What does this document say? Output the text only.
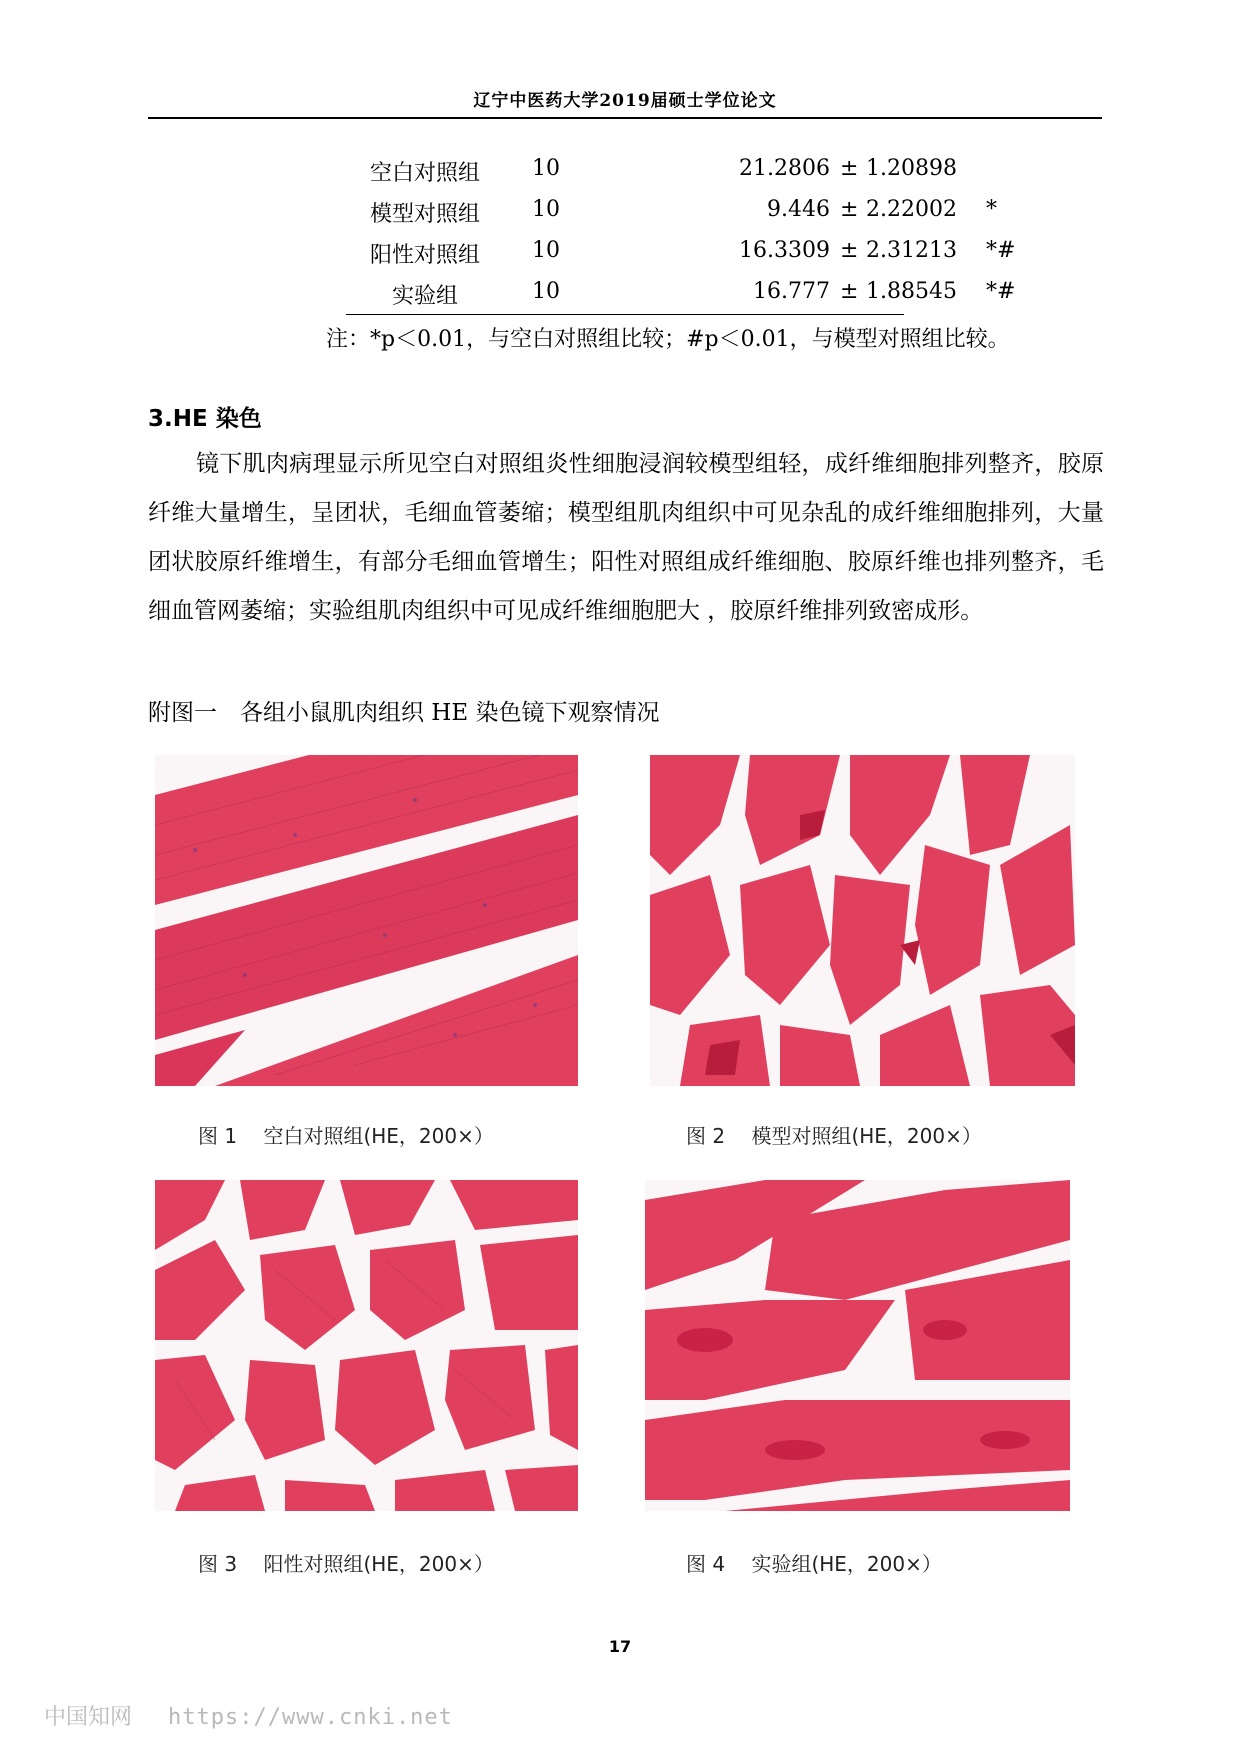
辽宁中医药大学2019届硕士学位论文
空白对照组	10	21.2806 ± 1.20898
模型对照组	10	9.446 ± 2.22002 *
阳性对照组	10	16.3309 ± 2.31213 *#
实验组	10	16.777 ± 1.88545 *#
注：*p＜0.01，与空白对照组比较；#p＜0.01，与模型对照组比较。
3.HE 染色
镜下肌肉病理显示所见空白对照组炎性细胞浸润较模型组轻，成纤维细胞排列整齐，胶原纤维大量增生，呈团状，毛细血管萎缩；模型组肌肉组织中可见杂乱的成纤维细胞排列，大量团状胶原纤维增生，有部分毛细血管增生；阳性对照组成纤维细胞、胶原纤维也排列整齐，毛细血管网萎缩；实验组肌肉组织中可见成纤维细胞肥大 ，胶原纤维排列致密成形。
附图一　各组小鼠肌肉组织 HE 染色镜下观察情况
图 1　 空白对照组(HE，200×）	图 2　 模型对照组(HE，200×）
图 3　 阳性对照组(HE，200×）	图 4　 实验组(HE，200×）
17
中国知网 https://www.cnki.net
